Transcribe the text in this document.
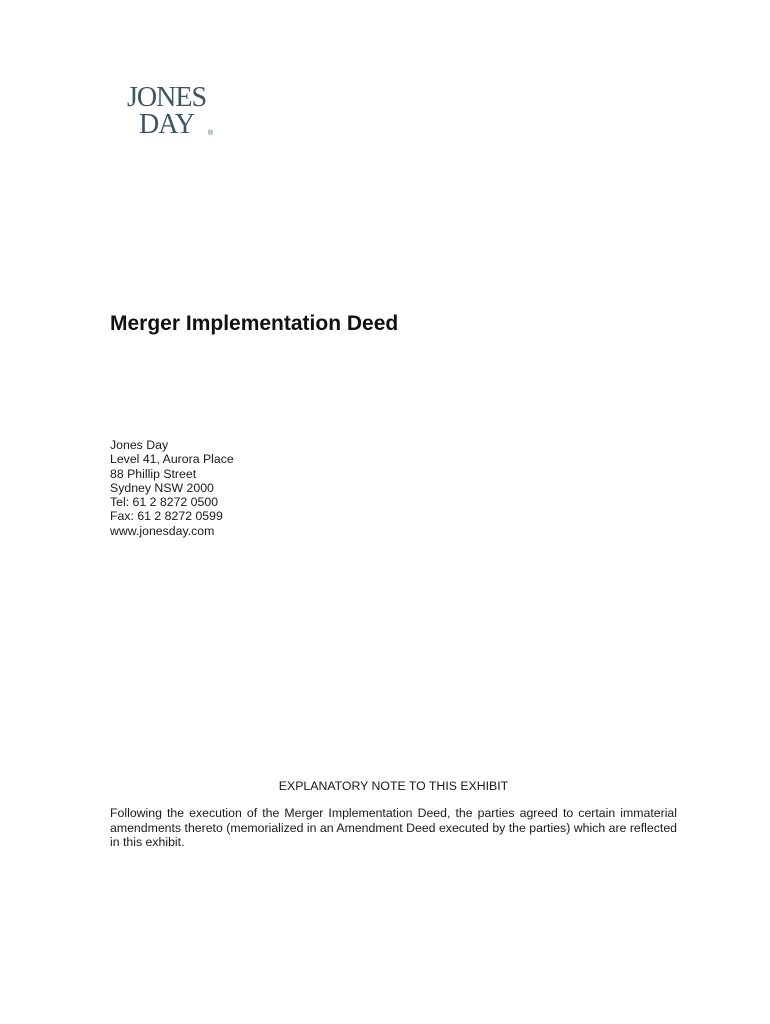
JONES
DAY ®
Merger Implementation Deed
Jones Day
Level 41, Aurora Place
88 Phillip Street
Sydney NSW 2000
Tel: 61 2 8272 0500
Fax: 61 2 8272 0599
www.jonesday.com
EXPLANATORY NOTE TO THIS EXHIBIT

Following the execution of the Merger Implementation Deed, the parties agreed to certain immaterial amendments thereto (memorialized in an Amendment Deed executed by the parties) which are reflected in this exhibit.
